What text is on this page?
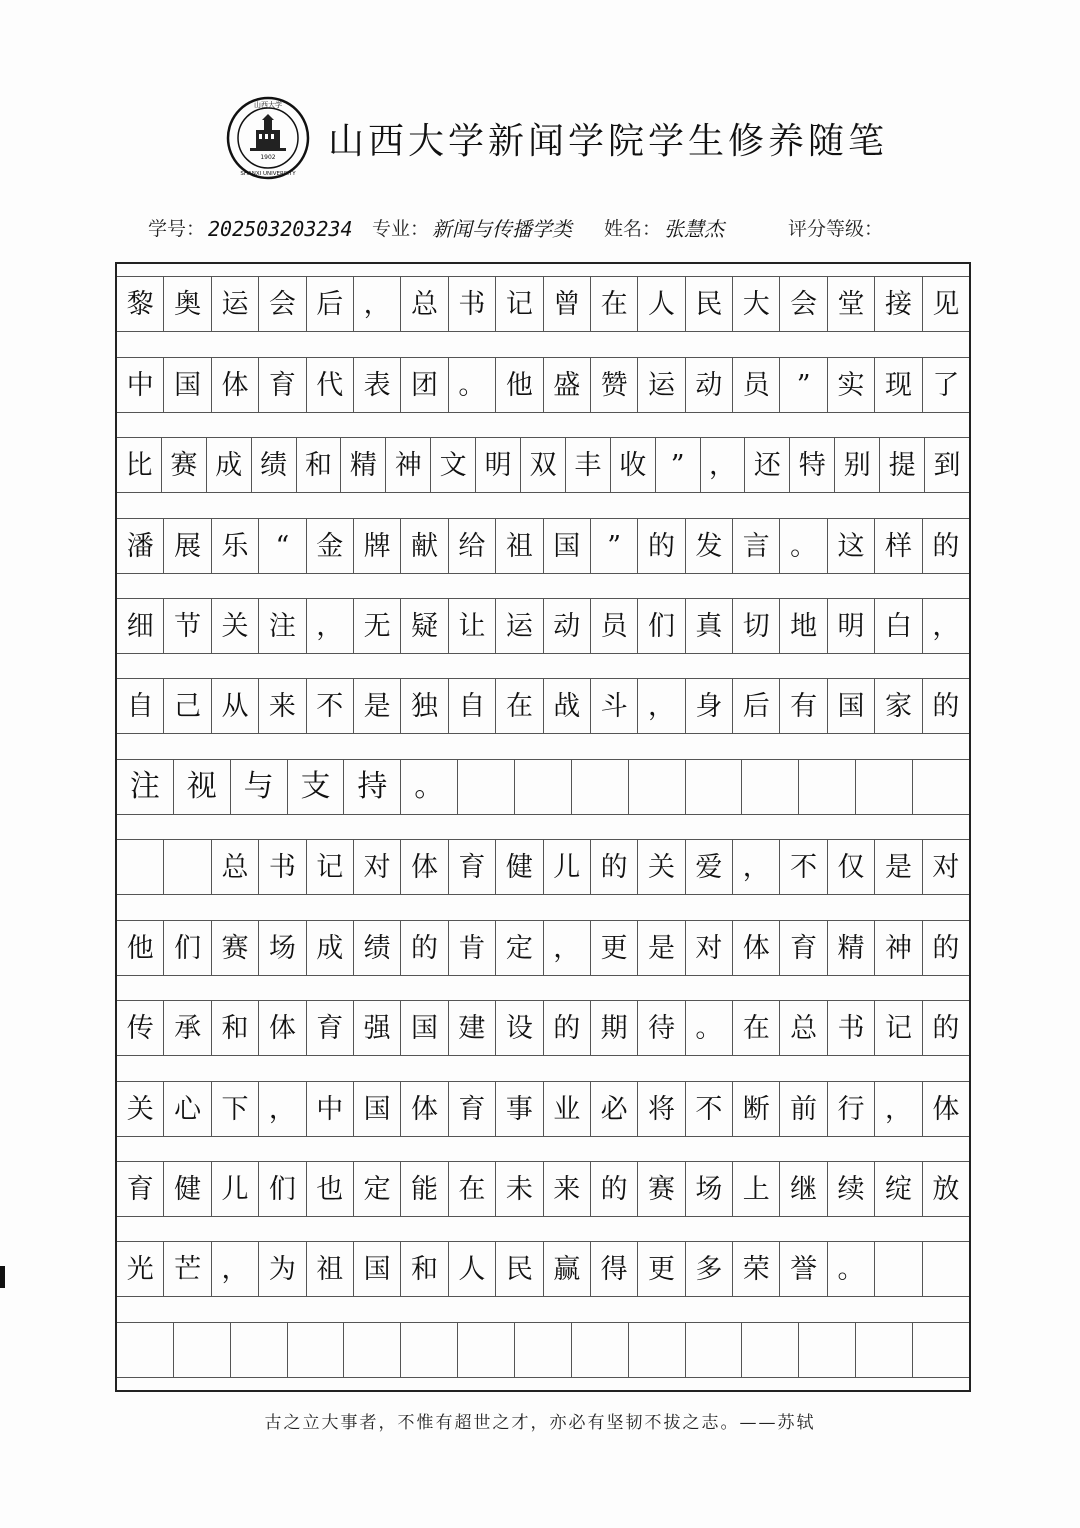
1902
山西大学
SHANXI UNIVERSITY
山西大学新闻学院学生修养随笔
学号： 202503203234 专业： 新闻与传播学类 姓名： 张慧杰	评分等级：
黎 奥 运 会 后 ， 总 书 记 曾 在 人 民 大 会 堂 接 见
中 国 体 育 代 表 团 。 他 盛 赞 运 动 员 ” 实 现 了
比 赛 成 绩 和 精 神 文 明 双 丰 收 ” ， 还 特 别 提 到
潘 展 乐 “ 金 牌 献 给 祖 国 ” 的 发 言 。 这 样 的
细 节 关 注 ， 无 疑 让 运 动 员 们 真 切 地 明 白 ，
自 己 从 来 不 是 独 自 在 战 斗 ， 身 后 有 国 家 的
注 视 与 支 持 。
总 书 记 对 体 育 健 儿 的 关 爱 ， 不 仅 是 对
他 们 赛 场 成 绩 的 肯 定 ， 更 是 对 体 育 精 神 的
传 承 和 体 育 强 国 建 设 的 期 待 。 在 总 书 记 的
关 心 下 ， 中 国 体 育 事 业 必 将 不 断 前 行 ， 体
育 健 儿 们 也 定 能 在 未 来 的 赛 场 上 继 续 绽 放
光 芒 ， 为 祖 国 和 人 民 赢 得 更 多 荣 誉 。
古之立大事者，不惟有超世之才，亦必有坚韧不拔之志。——苏轼
